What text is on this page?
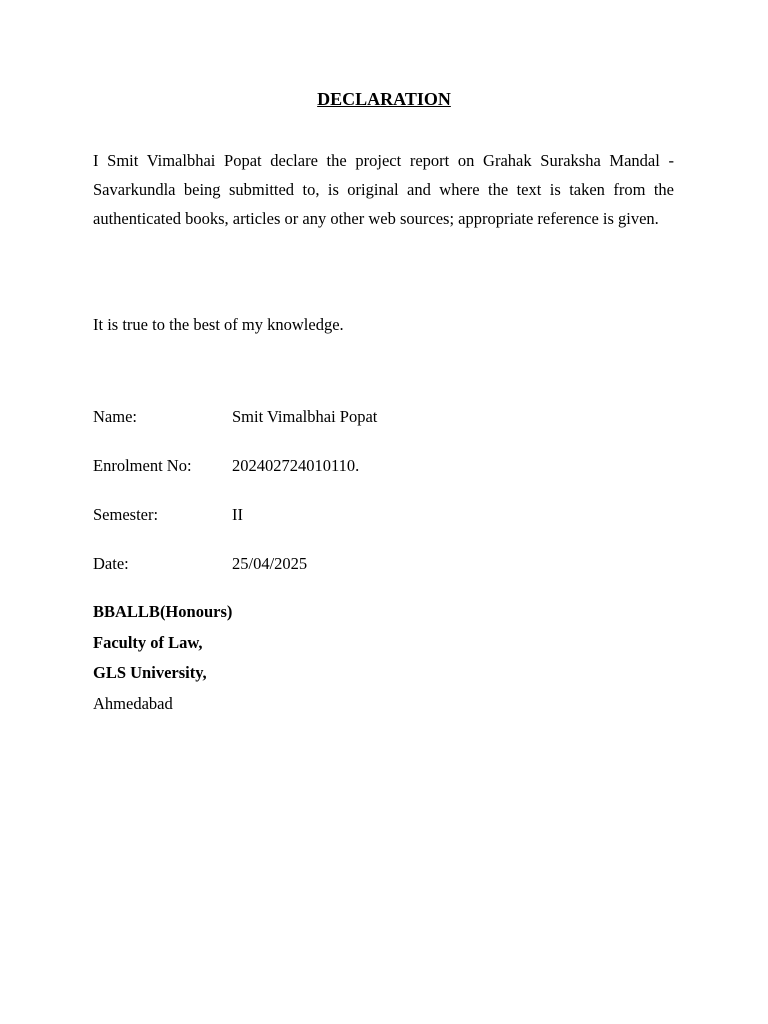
DECLARATION

I Smit Vimalbhai Popat declare the project report on Grahak Suraksha Mandal - Savarkundla being submitted to, is original and where the text is taken from the authenticated books, articles or any other web sources; appropriate reference is given.

It is true to the best of my knowledge.

Name:	Smit Vimalbhai Popat
Enrolment No: 202402724010110.
Semester:	II
Date:	25/04/2025
BBALLB(Honours)
Faculty of Law,
GLS University,
Ahmedabad
